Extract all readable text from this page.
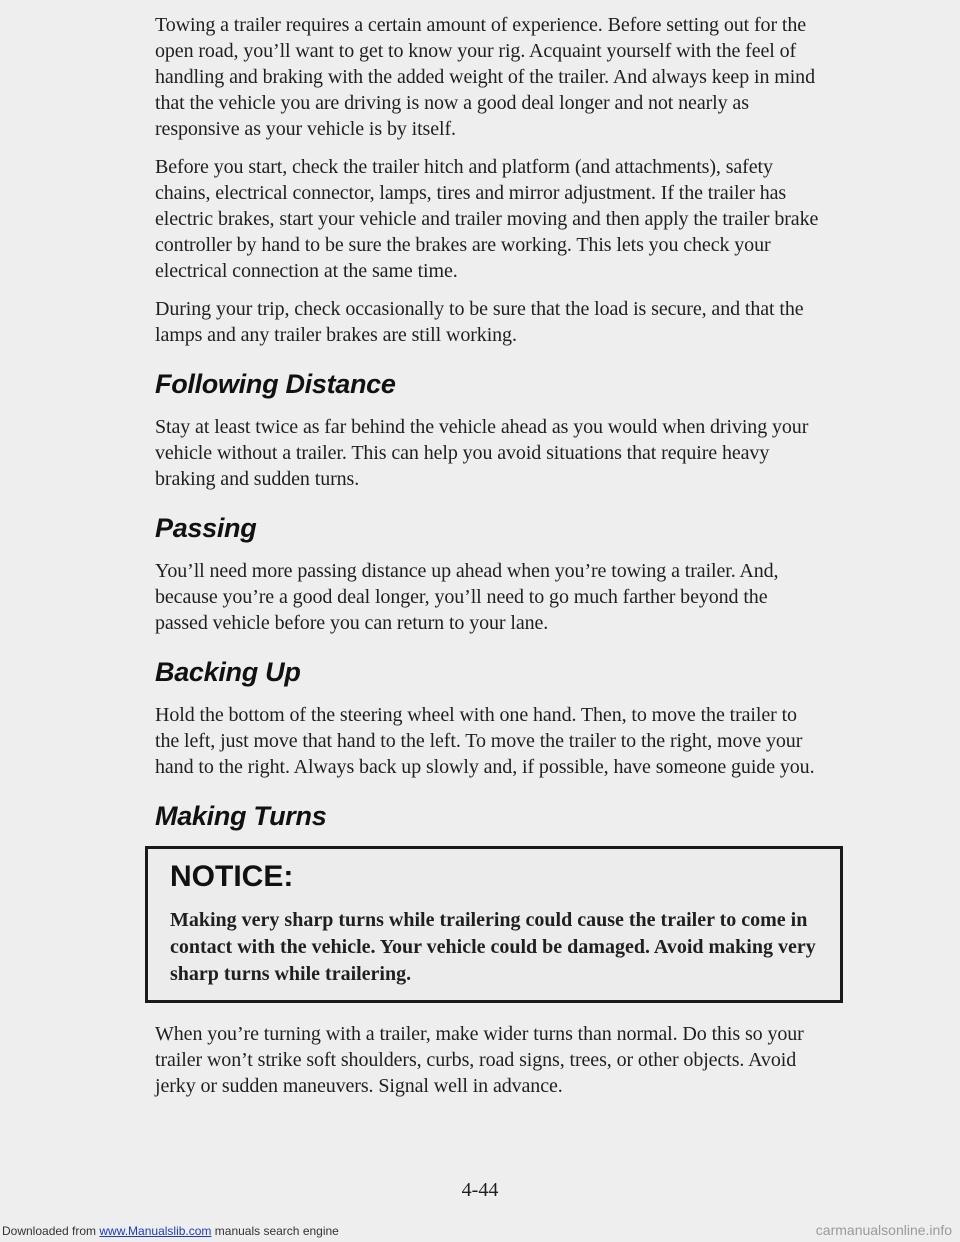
Towing a trailer requires a certain amount of experience. Before setting out for the open road, you’ll want to get to know your rig. Acquaint yourself with the feel of handling and braking with the added weight of the trailer. And always keep in mind that the vehicle you are driving is now a good deal longer and not nearly as responsive as your vehicle is by itself.

Before you start, check the trailer hitch and platform (and attachments), safety chains, electrical connector, lamps, tires and mirror adjustment. If the trailer has electric brakes, start your vehicle and trailer moving and then apply the trailer brake controller by hand to be sure the brakes are working. This lets you check your electrical connection at the same time.

During your trip, check occasionally to be sure that the load is secure, and that the lamps and any trailer brakes are still working.

Following Distance

Stay at least twice as far behind the vehicle ahead as you would when driving your vehicle without a trailer. This can help you avoid situations that require heavy braking and sudden turns.

Passing

You’ll need more passing distance up ahead when you’re towing a trailer. And, because you’re a good deal longer, you’ll need to go much farther beyond the passed vehicle before you can return to your lane.

Backing Up

Hold the bottom of the steering wheel with one hand. Then, to move the trailer to the left, just move that hand to the left. To move the trailer to the right, move your hand to the right. Always back up slowly and, if possible, have someone guide you.

Making Turns
NOTICE:

Making very sharp turns while trailering could cause the trailer to come in contact with the vehicle. Your vehicle could be damaged. Avoid making very sharp turns while trailering.

When you’re turning with a trailer, make wider turns than normal. Do this so your trailer won’t strike soft shoulders, curbs, road signs, trees, or other objects. Avoid jerky or sudden maneuvers. Signal well in advance.

4-44
Downloaded from www.Manualslib.com manuals search engine	carmanualsonline.info
